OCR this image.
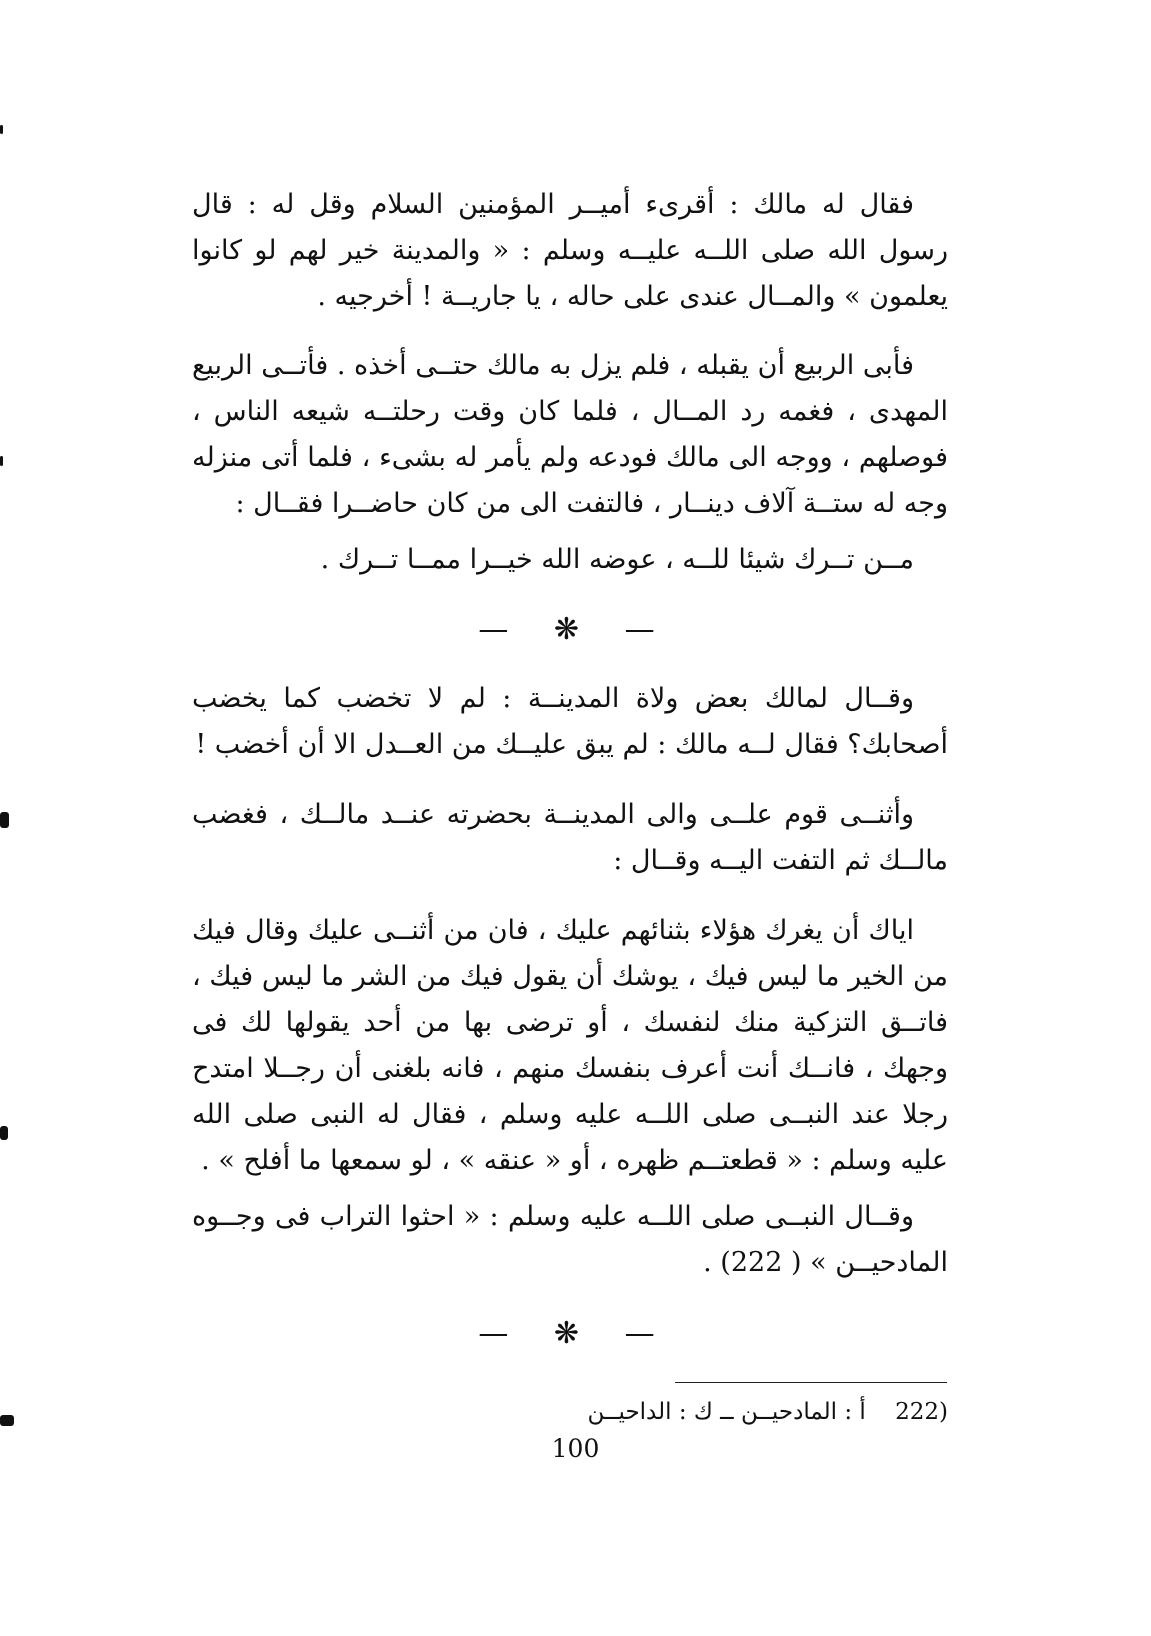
فقال له مالك : أقرىء أميــر المؤمنين السلام وقل له : قال رسول الله صلى اللــه عليــه وسلم : « والمدينة خير لهم لو كانوا يعلمون » والمــال عندى على حاله ، يا جاريــة ! أخرجيه .

فأبى الربيع أن يقبله ، فلم يزل به مالك حتــى أخذه . فأتــى الربيع المهدى ، فغمه رد المــال ، فلما كان وقت رحلتــه شيعه الناس ، فوصلهم ، ووجه الى مالك فودعه ولم يأمر له بشىء ، فلما أتى منزله وجه له ستــة آلاف دينــار ، فالتفت الى من كان حاضــرا فقــال :

مــن تــرك شيئا للــه ، عوضه الله خيــرا ممــا تــرك .

— ❋ —

وقــال لمالك بعض ولاة المدينــة : لم لا تخضب كما يخضب أصحابك؟ فقال لــه مالك : لم يبق عليــك من العــدل الا أن أخضب !

وأثنــى قوم علــى والى المدينــة بحضرته عنــد مالــك ، فغضب مالــك ثم التفت اليــه وقــال :

اياك أن يغرك هؤلاء بثنائهم عليك ، فان من أثنــى عليك وقال فيك من الخير ما ليس فيك ، يوشك أن يقول فيك من الشر ما ليس فيك ، فاتــق التزكية منك لنفسك ، أو ترضى بها من أحد يقولها لك فى وجهك ، فانــك أنت أعرف بنفسك منهم ، فانه بلغنى أن رجــلا امتدح رجلا عند النبــى صلى اللــه عليه وسلم ، فقال له النبى صلى الله عليه وسلم : « قطعتــم ظهره ، أو « عنقه » ، لو سمعها ما أفلح » .

وقــال النبــى صلى اللــه عليه وسلم : « احثوا التراب فى وجــوه المادحيــن » ( 222) .

— ❋ —
(222 أ : المادحيــن ــ ك : الداحيــن
100
